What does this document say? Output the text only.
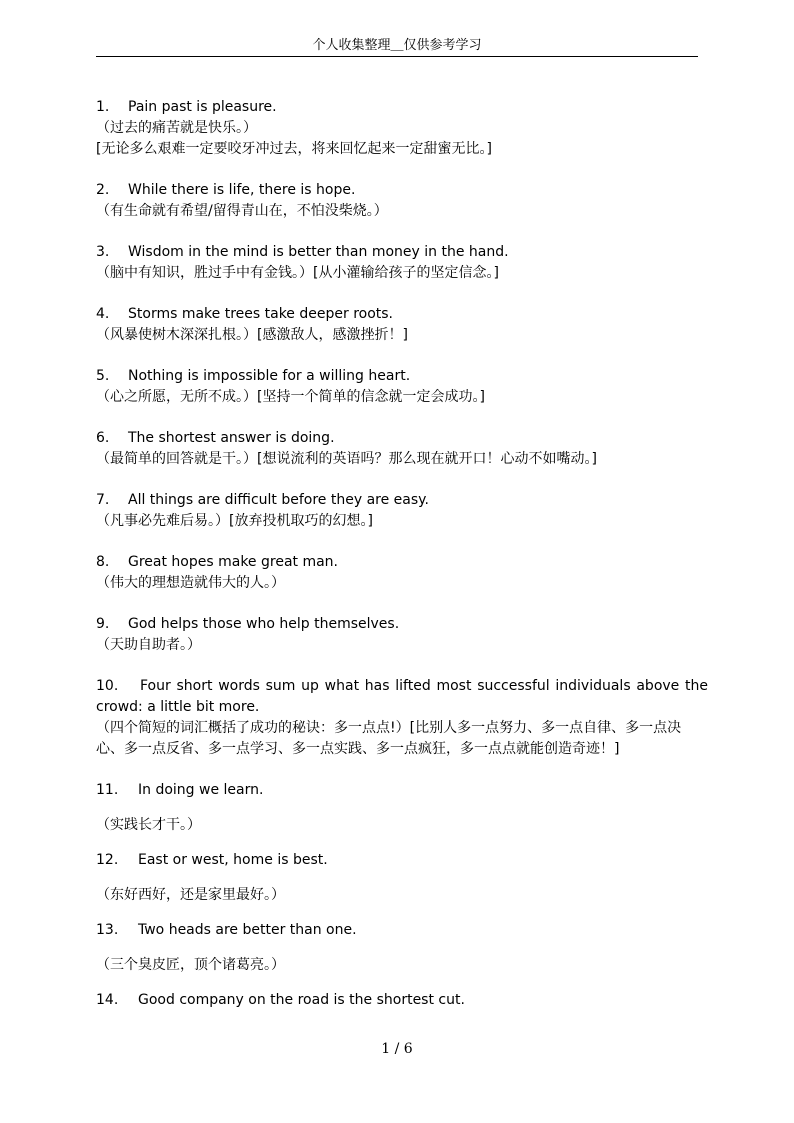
个人收集整理＿仅供参考学习
1. Pain past is pleasure.
（过去的痛苦就是快乐。）
[无论多么艰难一定要咬牙冲过去，将来回忆起来一定甜蜜无比。]
2. While there is life, there is hope.
（有生命就有希望/留得青山在，不怕没柴烧。）
3. Wisdom in the mind is better than money in the hand.
（脑中有知识，胜过手中有金钱。）[从小灌输给孩子的坚定信念。]
4. Storms make trees take deeper roots.
（风暴使树木深深扎根。）[感激敌人，感激挫折！]
5. Nothing is impossible for a willing heart.
（心之所愿，无所不成。）[坚持一个简单的信念就一定会成功。]
6. The shortest answer is doing.
（最简单的回答就是干。）[想说流利的英语吗？那么现在就开口！心动不如嘴动。]
7. All things are difficult before they are easy.
（凡事必先难后易。）[放弃投机取巧的幻想。]
8. Great hopes make great man.
（伟大的理想造就伟大的人。）
9. God helps those who help themselves.
（天助自助者。）
10. Four short words sum up what has lifted most successful individuals above the crowd: a little bit more.
（四个简短的词汇概括了成功的秘诀：多一点点!）[比别人多一点努力、多一点自律、多一点决心、多一点反省、多一点学习、多一点实践、多一点疯狂，多一点点就能创造奇迹！]
11. In doing we learn.
（实践长才干。）
12. East or west, home is best.
（东好西好，还是家里最好。）
13. Two heads are better than one.
（三个臭皮匠，顶个诸葛亮。）
14. Good company on the road is the shortest cut.
1 / 6
